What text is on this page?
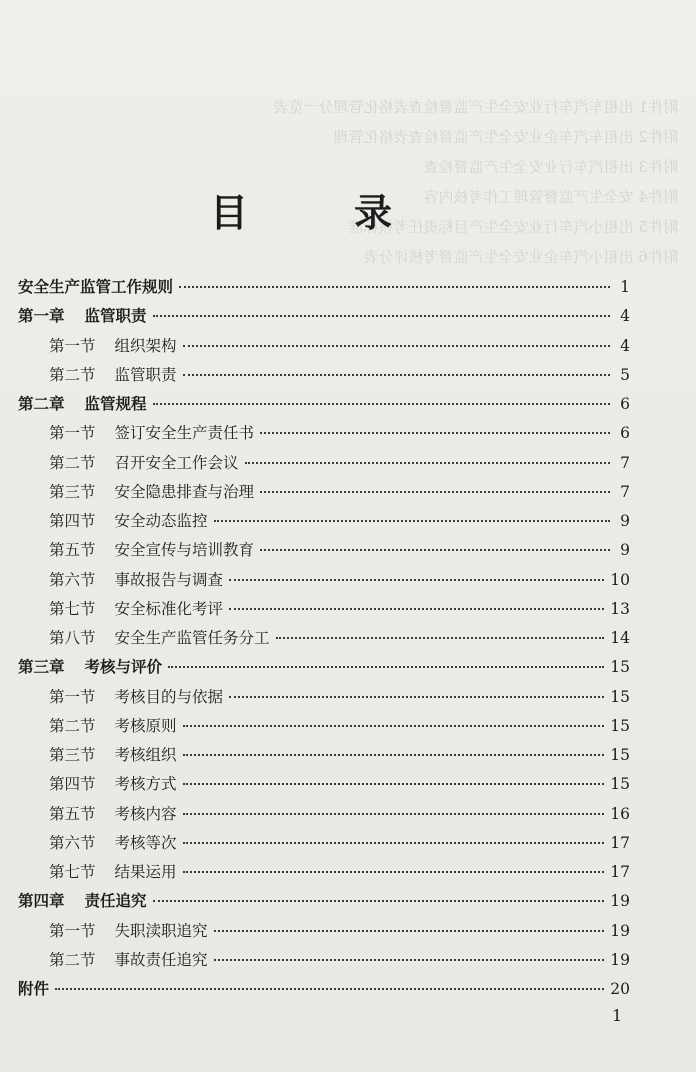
附件1 出租车汽车行业安全生产监督检查表格化管理分一览表
附件2 出租车汽车企业安全生产监督检查表格化管理
附件3 出租汽车行业安全生产监督检查
附件4 安全生产监督管理工作考核内容
附件5 出租小汽车行业安全生产目标责任考核标准
附件6 出租小汽车企业安全生产监督考核评分表
目　录
安全生产监管工作规则	1
第一章 监管职责	4
第一节 组织架构	4
第二节 监管职责	5
第二章 监管规程	6
第一节 签订安全生产责任书	6
第二节 召开安全工作会议	7
第三节 安全隐患排查与治理	7
第四节 安全动态监控	9
第五节 安全宣传与培训教育	9
第六节 事故报告与调查	10
第七节 安全标准化考评	13
第八节 安全生产监管任务分工	14
第三章 考核与评价	15
第一节 考核目的与依据	15
第二节 考核原则	15
第三节 考核组织	15
第四节 考核方式	15
第五节 考核内容	16
第六节 考核等次	17
第七节 结果运用	17
第四章 责任追究	19
第一节 失职渎职追究	19
第二节 事故责任追究	19
附件	20
1
